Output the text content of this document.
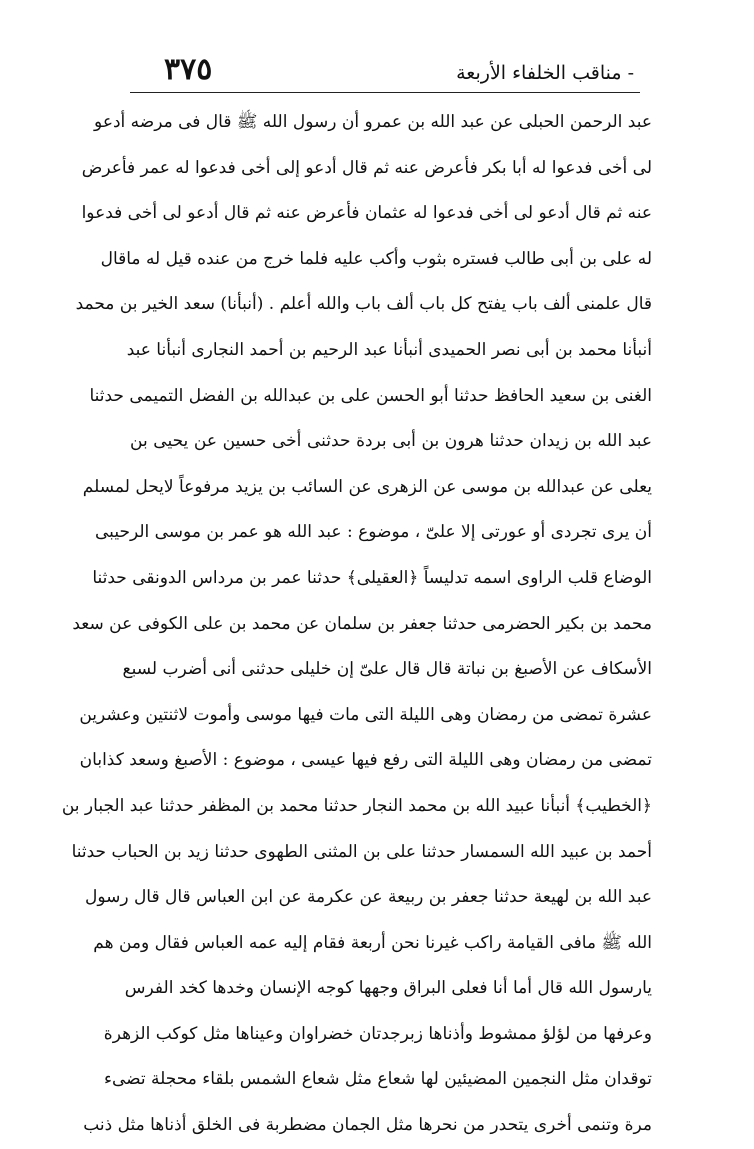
٣٧٥	- مناقب الخلفاء الأربعة
عبد الرحمن الحبلى عن عبد الله بن عمرو أن رسول الله ﷺ قال فى مرضه أدعو
لى أخى فدعوا له أبا بكر فأعرض عنه ثم قال أدعو إلى أخى فدعوا له عمر فأعرض
عنه ثم قال أدعو لى أخى فدعوا له عثمان فأعرض عنه ثم قال أدعو لى أخى فدعوا
له على بن أبى طالب فستره بثوب وأكب عليه فلما خرج من عنده قيل له ماقال
قال علمنى ألف باب يفتح كل باب ألف باب والله أعلم . (أنبأنا) سعد الخير بن محمد
أنبأنا محمد بن أبى نصر الحميدى أنبأنا عبد الرحيم بن أحمد النجارى أنبأنا عبد
الغنى بن سعيد الحافظ حدثنا أبو الحسن على بن عبدالله بن الفضل التميمى حدثنا
عبد الله بن زيدان حدثنا هرون بن أبى بردة حدثنى أخى حسين عن يحيى بن
يعلى عن عبدالله بن موسى عن الزهرى عن السائب بن يزيد مرفوعاً لايحل لمسلم
أن يرى تجردى أو عورتى إلا علىّ ، موضوع : عبد الله هو عمر بن موسى الرحيبى
الوضاع قلب الراوى اسمه تدليساً ﴿العقيلى﴾ حدثنا عمر بن مرداس الدونقى حدثنا
محمد بن بكير الحضرمى حدثنا جعفر بن سلمان عن محمد بن على الكوفى عن سعد
الأسكاف عن الأصبغ بن نباتة قال قال علىّ إن خليلى حدثنى أنى أضرب لسبع
عشرة تمضى من رمضان وهى الليلة التى مات فيها موسى وأموت لاثنتين وعشرين
تمضى من رمضان وهى الليلة التى رفع فيها عيسى ، موضوع : الأصبغ وسعد كذابان
﴿الخطيب﴾ أنبأنا عبيد الله بن محمد النجار حدثنا محمد بن المظفر حدثنا عبد الجبار بن
أحمد بن عبيد الله السمسار حدثنا على بن المثنى الطهوى حدثنا زيد بن الحباب حدثنا
عبد الله بن لهيعة حدثنا جعفر بن ربيعة عن عكرمة عن ابن العباس قال قال رسول
الله ﷺ مافى القيامة راكب غيرنا نحن أربعة فقام إليه عمه العباس فقال ومن هم
يارسول الله قال أما أنا فعلى البراق وجهها كوجه الإنسان وخدها كخد الفرس
وعرفها من لؤلؤ ممشوط وأذناها زبرجدتان خضراوان وعيناها مثل كوكب الزهرة
توقدان مثل النجمين المضيئين لها شعاع مثل شعاع الشمس بلقاء محجلة تضىء
مرة وتنمى أخرى يتحدر من نحرها مثل الجمان مضطربة فى الخلق أذناها مثل ذنب
